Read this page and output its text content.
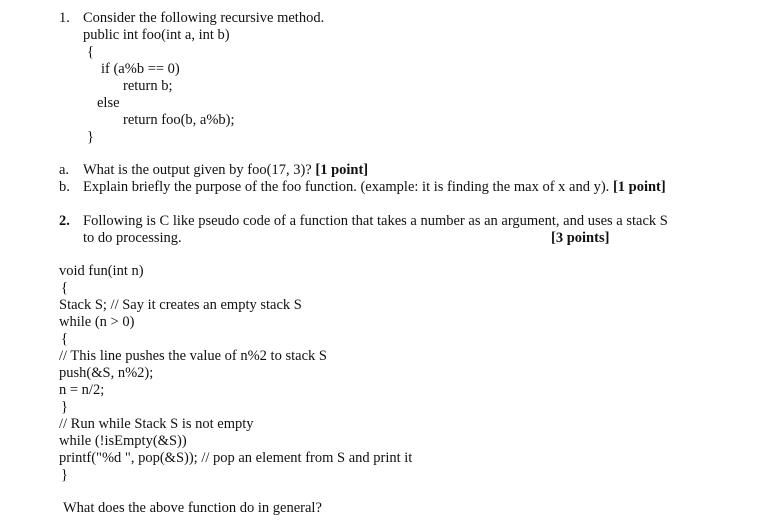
1. Consider the following recursive method.
public int foo(int a, int b)
{
if (a%b == 0)
return b;
else
return foo(b, a%b);
}
a. What is the output given by foo(17, 3)? [1 point]
b. Explain briefly the purpose of the foo function. (example: it is finding the max of x and y). [1 point]
2. Following is C like pseudo code of a function that takes a number as an argument, and uses a stack S
to do processing.	[3 points]
void fun(int n)
{
Stack S; // Say it creates an empty stack S
while (n > 0)
{
// This line pushes the value of n%2 to stack S
push(&S, n%2);
n = n/2;
}
// Run while Stack S is not empty
while (!isEmpty(&S))
printf("%d ", pop(&S)); // pop an element from S and print it
}
What does the above function do in general?
